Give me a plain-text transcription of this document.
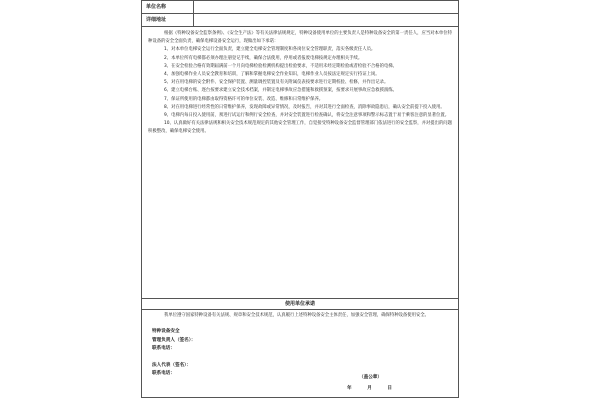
单位名称
详细地址

根据《特种设备安全监察条例》、《安全生产法》等有关法律法规规定，特种设备使用单位的主要负责人是特种设备安全的第一责任人，应当对本单位特种设备的安全全面负责，确保电梯设备安全运行，现做出如下承诺：

1、对本单位电梯安全运行全面负责，建立健全电梯安全管理制度和各岗位安全管理职责，落实各级责任人员。

2、本单位所有电梯都必须办理注册登记手续，确保合法使用，停用或者报废电梯按规定办理相关手续。

3、在安全检验合格有效期届满前一个月向电梯检验检测机构提出检验要求，不适用未经定期检验或者检验不合格的电梯。

4、加强电梯作业人员安全教育和培训，了解和掌握电梯安全作业知识，电梯作业人员按法定规定实行持证上岗。

5、对在用电梯的安全附件、安全保护装置、测量调控装置及有关附属仪表按要求进行定期校验、检修，并作出记录。

6、建立电梯台账、逐台按要求建立安全技术档案，并制定电梯事故应急措施和救援预案，按要求开展事故应急救援演练。

7、保证所使用的电梯都由取得资格许可的单位安装、改造、维修和日常维护保养。

8、对在用电梯进行经常性的日常维护保养，发现故障或异常情况，及时报告，并对其进行全面检查，消除事故隐患后，确认安全前提下投入使用。

9、电梯内每日投入使用前，须进行试运行和例行安全检查，并对安全装置进行检查确认，将安全注意事项和警示标志置于易于乘客注意的显著位置。

10、认真做好有关法律法规和相关安全技术规范规定的其他安全管理工作，自觉接受特种设备安全监督管理部门依法进行的安全监察，并对提出的问题积极整改，确保电梯安全使用。

使用单位承诺

我单位遵守国家特种设备有关法规、规章和安全技术规范，认真履行上述特种设备安全主体责任，加强安全管理，确保特种设备使用安全。

特种设备安全
管理负责人（签名）：
联系电话：
法人代表（签名）：
联系电话：
（盖公章）
年 月 日
